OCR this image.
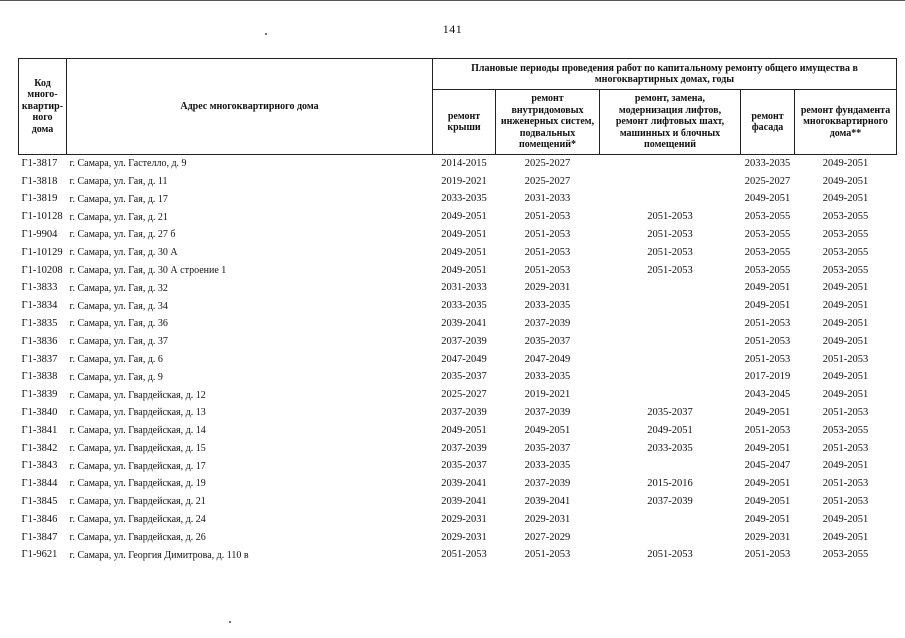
141
Код много-квартир-ного дома	Адрес многоквартирного дома	Плановые периоды проведения работ по капитальному ремонту общего имущества в многоквартирных домах, годы				
		ремонт крыши	ремонт внутридомовых инженерных систем, подвальных помещений*	ремонт, замена, модернизация лифтов, ремонт лифтовых шахт, машинных и блочных помещений	ремонт фасада	ремонт фундамента многоквартирного дома**
Г1-3817	г. Самара, ул. Гастелло, д. 9	2014-2015	2025-2027		2033-2035	2049-2051
Г1-3818	г. Самара, ул. Гая, д. 11	2019-2021	2025-2027		2025-2027	2049-2051
Г1-3819	г. Самара, ул. Гая, д. 17	2033-2035	2031-2033		2049-2051	2049-2051
Г1-10128	г. Самара, ул. Гая, д. 21	2049-2051	2051-2053	2051-2053	2053-2055	2053-2055
Г1-9904	г. Самара, ул. Гая, д. 27 б	2049-2051	2051-2053	2051-2053	2053-2055	2053-2055
Г1-10129	г. Самара, ул. Гая, д. 30 А	2049-2051	2051-2053	2051-2053	2053-2055	2053-2055
Г1-10208	г. Самара, ул. Гая, д. 30 А строение 1	2049-2051	2051-2053	2051-2053	2053-2055	2053-2055
Г1-3833	г. Самара, ул. Гая, д. 32	2031-2033	2029-2031		2049-2051	2049-2051
Г1-3834	г. Самара, ул. Гая, д. 34	2033-2035	2033-2035		2049-2051	2049-2051
Г1-3835	г. Самара, ул. Гая, д. 36	2039-2041	2037-2039		2051-2053	2049-2051
Г1-3836	г. Самара, ул. Гая, д. 37	2037-2039	2035-2037		2051-2053	2049-2051
Г1-3837	г. Самара, ул. Гая, д. 6	2047-2049	2047-2049		2051-2053	2051-2053
Г1-3838	г. Самара, ул. Гая, д. 9	2035-2037	2033-2035		2017-2019	2049-2051
Г1-3839	г. Самара, ул. Гвардейская, д. 12	2025-2027	2019-2021		2043-2045	2049-2051
Г1-3840	г. Самара, ул. Гвардейская, д. 13	2037-2039	2037-2039	2035-2037	2049-2051	2051-2053
Г1-3841	г. Самара, ул. Гвардейская, д. 14	2049-2051	2049-2051	2049-2051	2051-2053	2053-2055
Г1-3842	г. Самара, ул. Гвардейская, д. 15	2037-2039	2035-2037	2033-2035	2049-2051	2051-2053
Г1-3843	г. Самара, ул. Гвардейская, д. 17	2035-2037	2033-2035		2045-2047	2049-2051
Г1-3844	г. Самара, ул. Гвардейская, д. 19	2039-2041	2037-2039	2015-2016	2049-2051	2051-2053
Г1-3845	г. Самара, ул. Гвардейская, д. 21	2039-2041	2039-2041	2037-2039	2049-2051	2051-2053
Г1-3846	г. Самара, ул. Гвардейская, д. 24	2029-2031	2029-2031		2049-2051	2049-2051
Г1-3847	г. Самара, ул. Гвардейская, д. 26	2029-2031	2027-2029		2029-2031	2049-2051
Г1-9621	г. Самара, ул. Георгия Димитрова, д. 110 в	2051-2053	2051-2053	2051-2053	2051-2053	2053-2055
